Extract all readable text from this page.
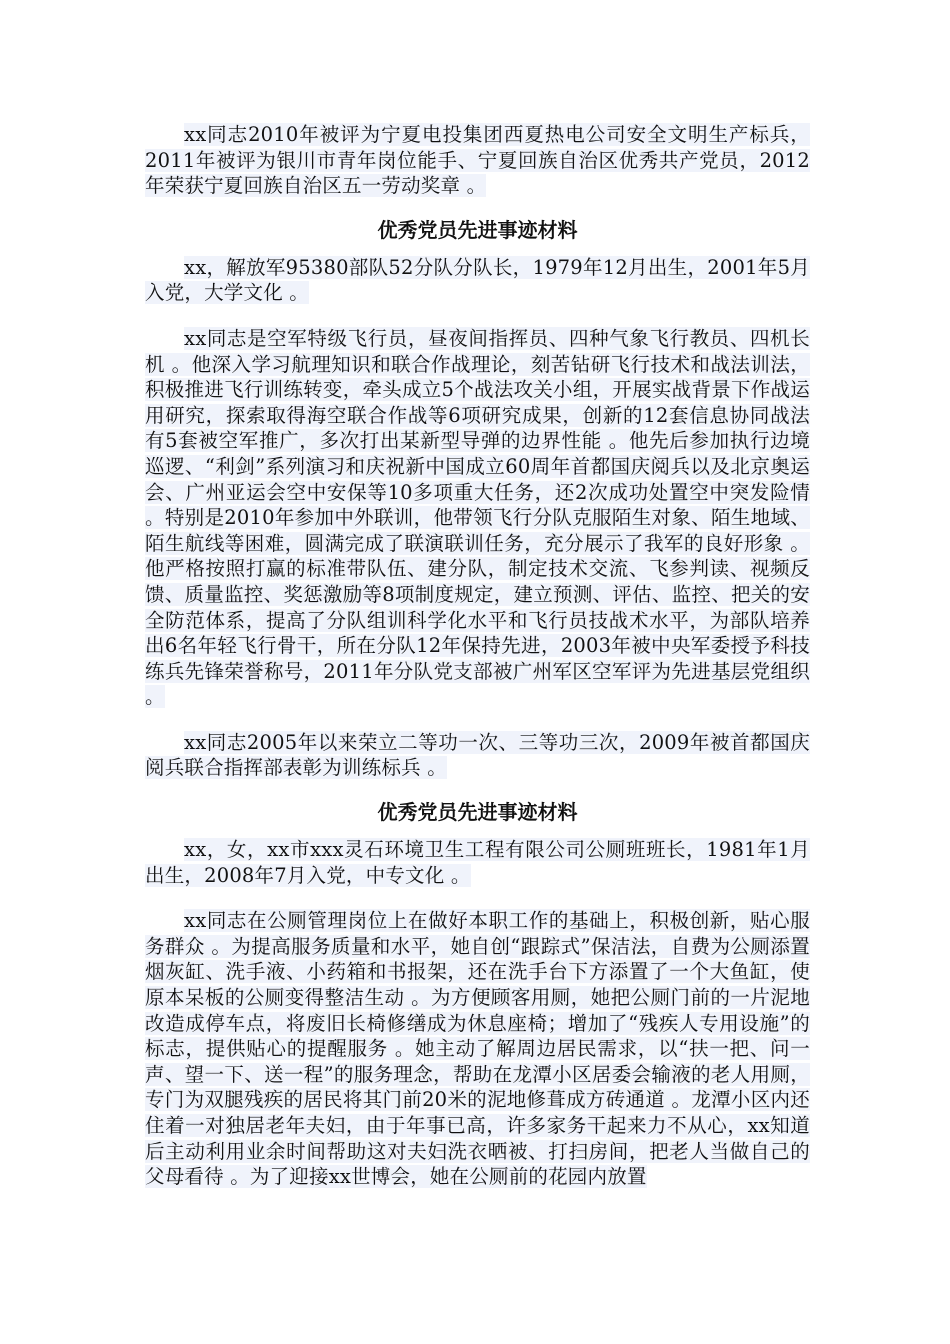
xx同志2010年被评为宁夏电投集团西夏热电公司安全文明生产标兵，2011年被评为银川市青年岗位能手、宁夏回族自治区优秀共产党员，2012年荣获宁夏回族自治区五一劳动奖章 。

优秀党员先进事迹材料

xx，解放军95380部队52分队分队长，1979年12月出生，2001年5月入党，大学文化 。

xx同志是空军特级飞行员，昼夜间指挥员、四种气象飞行教员、四机长机 。他深入学习航理知识和联合作战理论，刻苦钻研飞行技术和战法训法，积极推进飞行训练转变，牵头成立5个战法攻关小组，开展实战背景下作战运用研究，探索取得海空联合作战等6项研究成果，创新的12套信息协同战法有5套被空军推广，多次打出某新型导弹的边界性能 。他先后参加执行边境巡逻、“利剑”系列演习和庆祝新中国成立60周年首都国庆阅兵以及北京奥运会、广州亚运会空中安保等10多项重大任务，还2次成功处置空中突发险情 。特别是2010年参加中外联训，他带领飞行分队克服陌生对象、陌生地域、陌生航线等困难，圆满完成了联演联训任务，充分展示了我军的良好形象 。他严格按照打赢的标准带队伍、建分队，制定技术交流、飞参判读、视频反馈、质量监控、奖惩激励等8项制度规定，建立预测、评估、监控、把关的安全防范体系，提高了分队组训科学化水平和飞行员技战术水平，为部队培养出6名年轻飞行骨干，所在分队12年保持先进，2003年被中央军委授予科技练兵先锋荣誉称号，2011年分队党支部被广州军区空军评为先进基层党组织 。

xx同志2005年以来荣立二等功一次、三等功三次，2009年被首都国庆阅兵联合指挥部表彰为训练标兵 。

优秀党员先进事迹材料

xx，女，xx市xxx灵石环境卫生工程有限公司公厕班班长，1981年1月出生，2008年7月入党，中专文化 。

xx同志在公厕管理岗位上在做好本职工作的基础上，积极创新，贴心服务群众 。为提高服务质量和水平，她自创“跟踪式”保洁法，自费为公厕添置烟灰缸、洗手液、小药箱和书报架，还在洗手台下方添置了一个大鱼缸，使原本呆板的公厕变得整洁生动 。为方便顾客用厕，她把公厕门前的一片泥地改造成停车点，将废旧长椅修缮成为休息座椅；增加了“残疾人专用设施”的标志，提供贴心的提醒服务 。她主动了解周边居民需求，以“扶一把、问一声、望一下、送一程”的服务理念，帮助在龙潭小区居委会输液的老人用厕，专门为双腿残疾的居民将其门前20米的泥地修葺成方砖通道 。龙潭小区内还住着一对独居老年夫妇，由于年事已高，许多家务干起来力不从心，xx知道后主动利用业余时间帮助这对夫妇洗衣晒被、打扫房间，把老人当做自己的父母看待 。为了迎接xx世博会，她在公厕前的花园内放置
